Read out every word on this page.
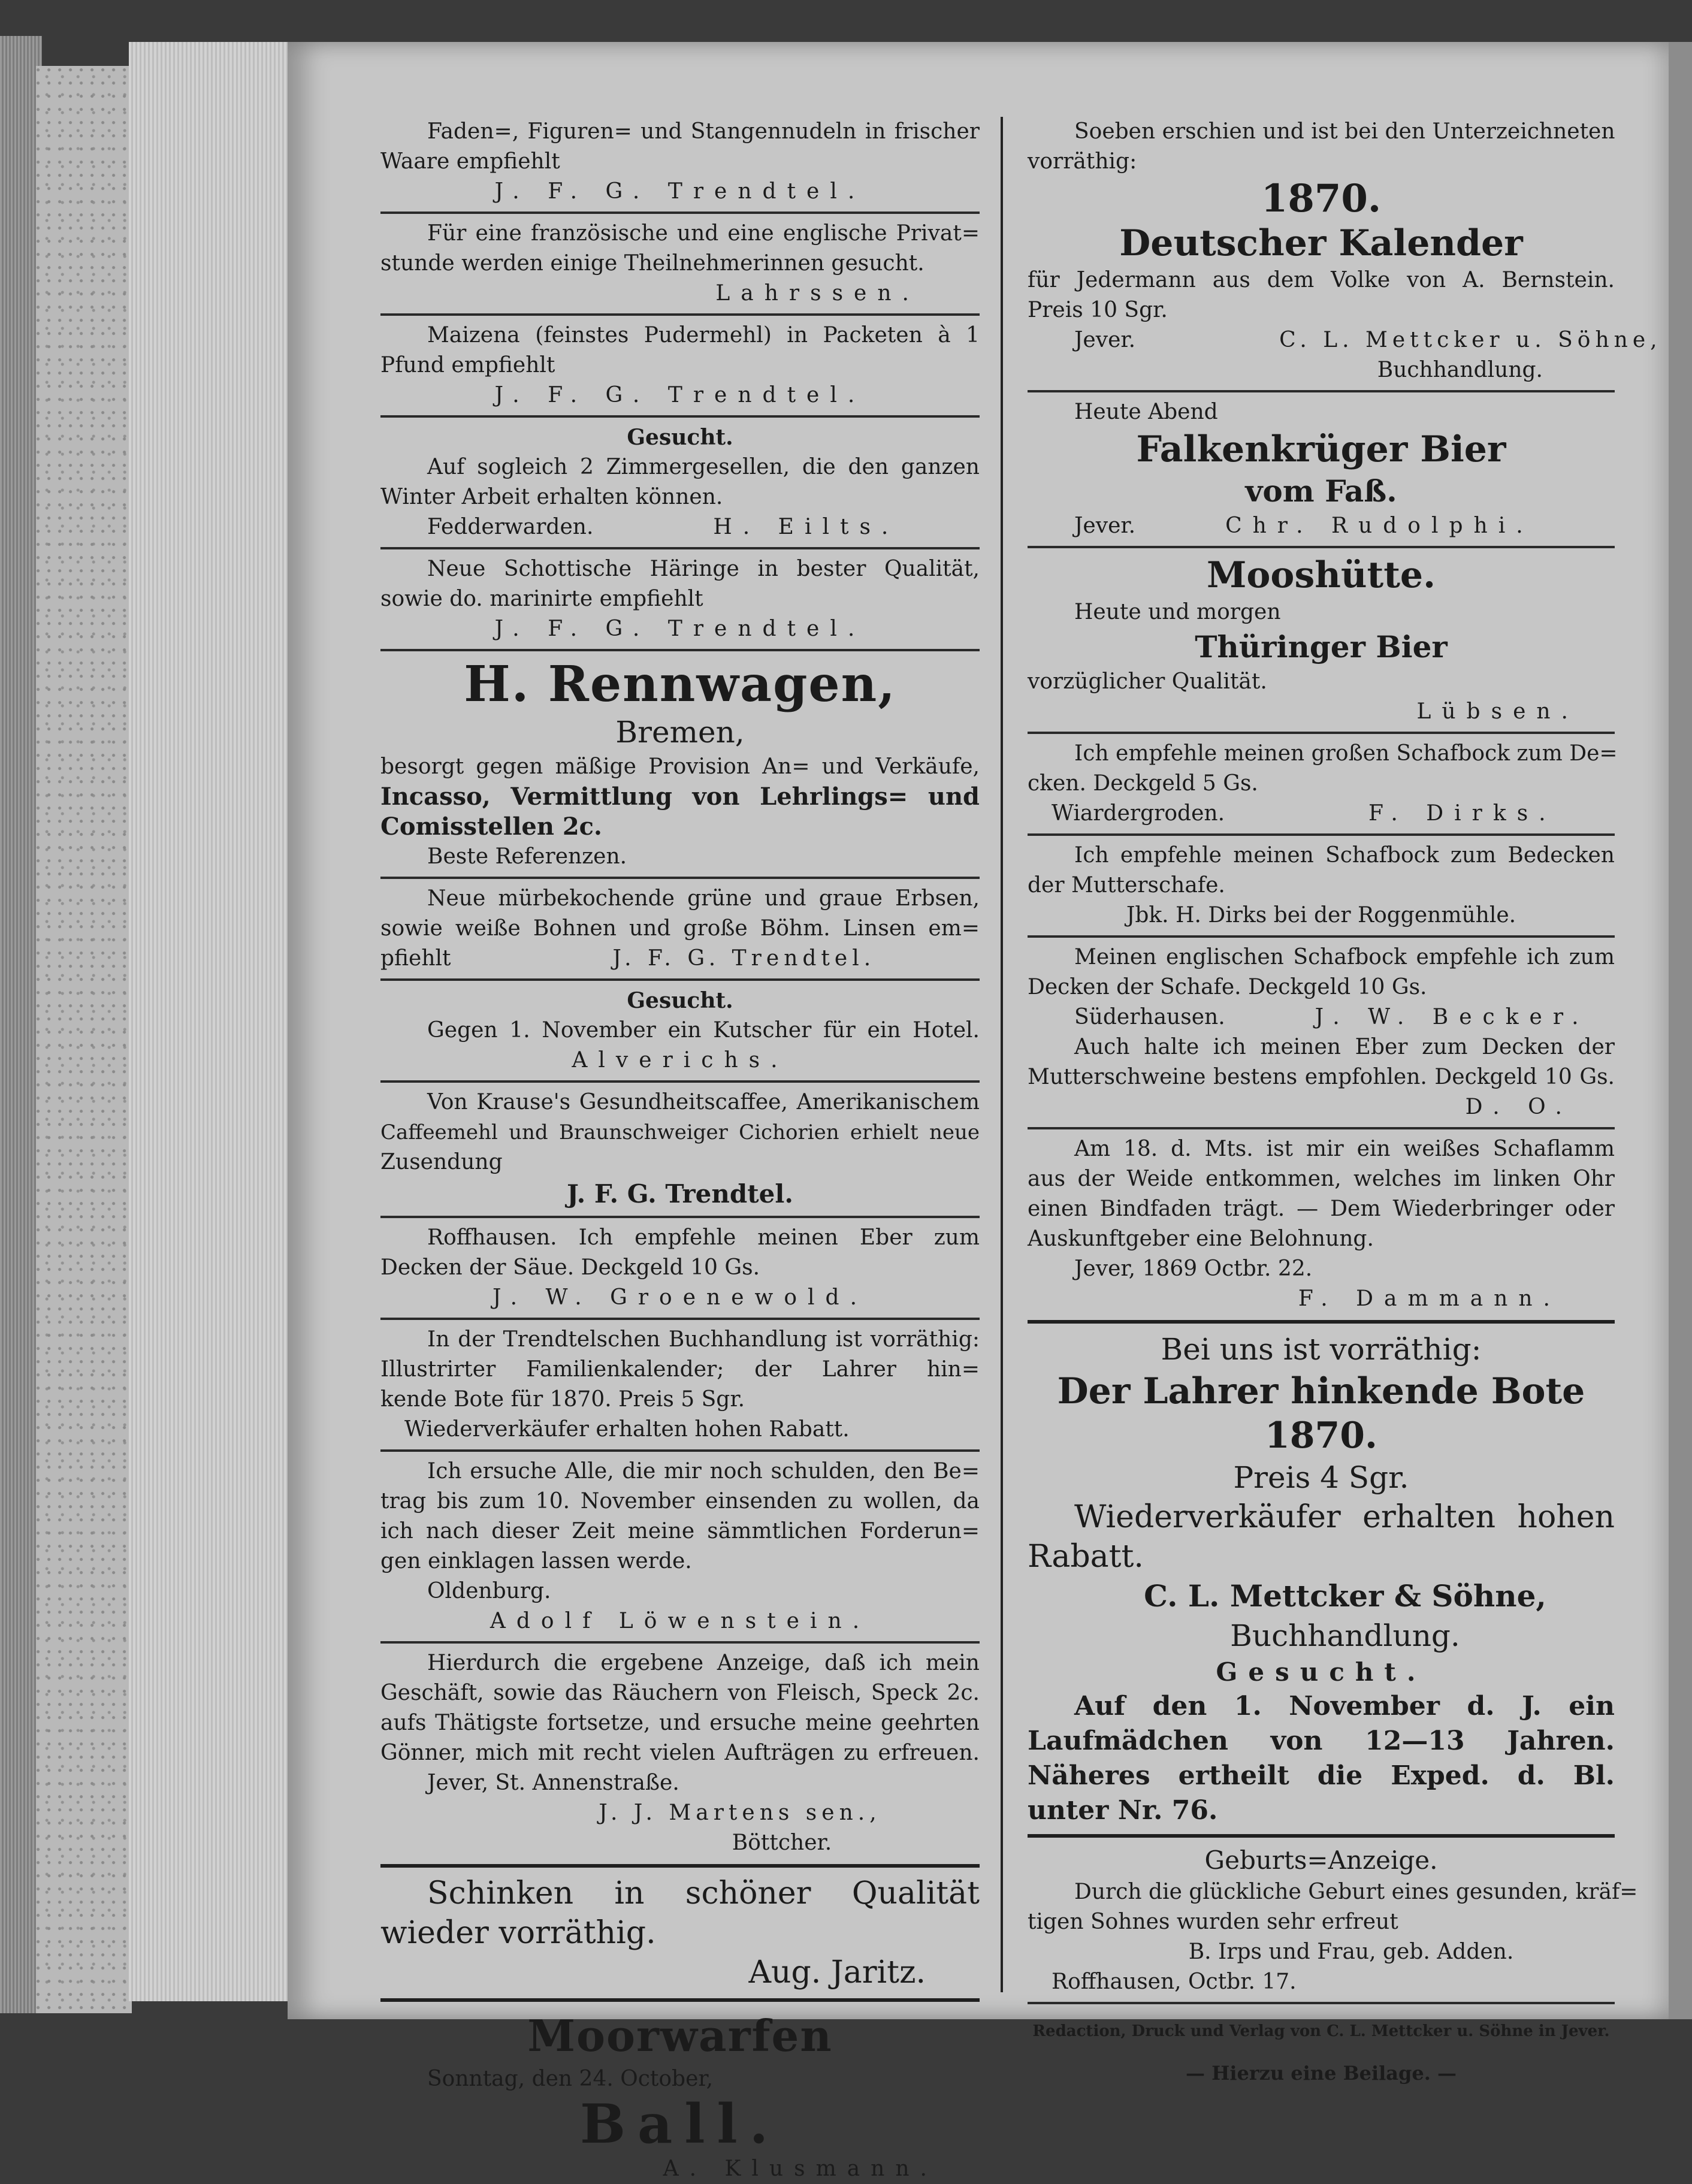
Faden=, Figuren= und Stangennudeln in frischer

Waare empfiehlt

J. F. G. Trendtel.

Für eine französische und eine englische Privat=

stunde werden einige Theilnehmerinnen gesucht.

Lahrssen.

Maizena (feinstes Pudermehl) in Packeten à 1

Pfund empfiehlt

J. F. G. Trendtel.

Gesucht.

Auf sogleich 2 Zimmergesellen, die den ganzen

Winter Arbeit erhalten können.

Fedderwarden.	H. Eilts.

Neue Schottische Häringe in bester Qualität,

sowie do. marinirte empfiehlt

J. F. G. Trendtel.

H. Rennwagen,

Bremen,

besorgt gegen mäßige Provision An= und Verkäufe,

Incasso, Vermittlung von Lehrlings= und

Comisstellen 2c.

Beste Referenzen.

Neue mürbekochende grüne und graue Erbsen,

sowie weiße Bohnen und große Böhm. Linsen em=

pfiehlt	J. F. G. Trendtel.

Gesucht.

Gegen 1. November ein Kutscher für ein Hotel.

Alverichs.

Von Krause's Gesundheitscaffee, Amerikanischem

Caffeemehl und Braunschweiger Cichorien erhielt neue

Zusendung

J. F. G. Trendtel.

Roffhausen. Ich empfehle meinen Eber zum

Decken der Säue. Deckgeld 10 Gs.

J. W. Groenewold.

In der Trendtelschen Buchhandlung ist vorräthig:

Illustrirter Familienkalender; der Lahrer hin=

kende Bote für 1870. Preis 5 Sgr.

Wiederverkäufer erhalten hohen Rabatt.

Ich ersuche Alle, die mir noch schulden, den Be=

trag bis zum 10. November einsenden zu wollen, da

ich nach dieser Zeit meine sämmtlichen Forderun=

gen einklagen lassen werde.

Oldenburg.

Adolf Löwenstein.

Hierdurch die ergebene Anzeige, daß ich mein

Geschäft, sowie das Räuchern von Fleisch, Speck 2c.

aufs Thätigste fortsetze, und ersuche meine geehrten

Gönner, mich mit recht vielen Aufträgen zu erfreuen.

Jever, St. Annenstraße.

J. J. Martens sen.,

Böttcher.

Schinken in schöner Qualität

wieder vorräthig.

Aug. Jaritz.

Moorwarfen

Sonntag, den 24. October,

Ball.

A. Klusmann.

Soeben erschien und ist bei den Unterzeichneten

vorräthig:

1870.

Deutscher Kalender

für Jedermann aus dem Volke von A. Bernstein.

Preis 10 Sgr.

Jever.	C. L. Mettcker u. Söhne,

Buchhandlung.

Heute Abend

Falkenkrüger Bier

vom Faß.

Jever.	Chr. Rudolphi.

Mooshütte.

Heute und morgen

Thüringer Bier

vorzüglicher Qualität.

Lübsen.

Ich empfehle meinen großen Schafbock zum De=

cken. Deckgeld 5 Gs.

Wiardergroden.	F. Dirks.

Ich empfehle meinen Schafbock zum Bedecken

der Mutterschafe.

Jbk. H. Dirks bei der Roggenmühle.

Meinen englischen Schafbock empfehle ich zum

Decken der Schafe. Deckgeld 10 Gs.

Süderhausen.	J. W. Becker.

Auch halte ich meinen Eber zum Decken der

Mutterschweine bestens empfohlen. Deckgeld 10 Gs.

D. O.

Am 18. d. Mts. ist mir ein weißes Schaflamm

aus der Weide entkommen, welches im linken Ohr

einen Bindfaden trägt. — Dem Wiederbringer oder

Auskunftgeber eine Belohnung.

Jever, 1869 Octbr. 22.

F. Dammann.

Bei uns ist vorräthig:

Der Lahrer hinkende Bote

1870.

Preis 4 Sgr.

Wiederverkäufer erhalten hohen

Rabatt.

C. L. Mettcker & Söhne,

Buchhandlung.

Gesucht.

Auf den 1. November d. J. ein

Laufmädchen von 12—13 Jahren.

Näheres ertheilt die Exped. d. Bl.

unter Nr. 76.

Geburts=Anzeige.

Durch die glückliche Geburt eines gesunden, kräf=

tigen Sohnes wurden sehr erfreut

B. Irps und Frau, geb. Adden.

Roffhausen, Octbr. 17.

Redaction, Druck und Verlag von C. L. Mettcker u. Söhne in Jever.

— Hierzu eine Beilage. —
